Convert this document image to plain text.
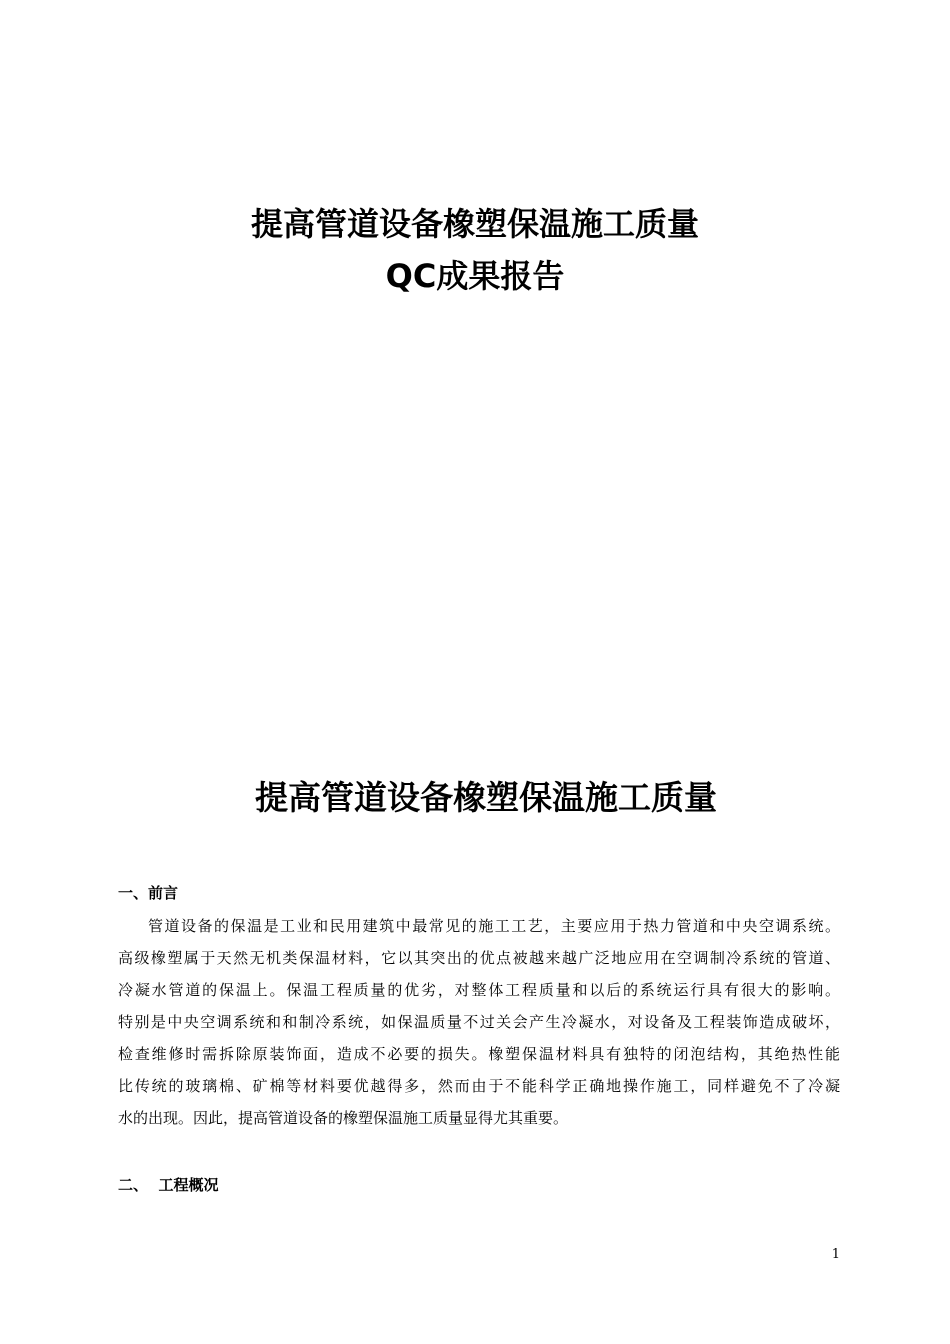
提高管道设备橡塑保温施工质量
QC成果报告
提高管道设备橡塑保温施工质量
一、前言
管道设备的保温是工业和民用建筑中最常见的施工工艺，主要应用于热力管道和中央空调系统。
高级橡塑属于天然无机类保温材料，它以其突出的优点被越来越广泛地应用在空调制冷系统的管道、
冷凝水管道的保温上。保温工程质量的优劣，对整体工程质量和以后的系统运行具有很大的影响。
特别是中央空调系统和和制冷系统，如保温质量不过关会产生冷凝水，对设备及工程装饰造成破坏，
检查维修时需拆除原装饰面，造成不必要的损失。橡塑保温材料具有独特的闭泡结构，其绝热性能
比传统的玻璃棉、矿棉等材料要优越得多，然而由于不能科学正确地操作施工，同样避免不了冷凝
水的出现。因此，提高管道设备的橡塑保温施工质量显得尤其重要。
二、  工程概况
1
